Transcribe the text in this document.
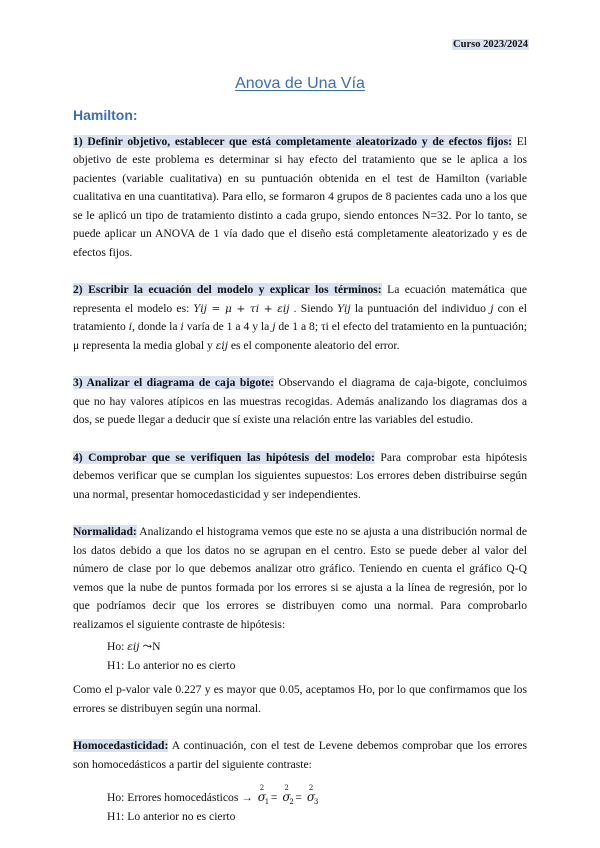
Curso 2023/2024
Anova de Una Vía
Hamilton:

1) Definir objetivo, establecer que está completamente aleatorizado y de efectos fijos: El objetivo de este problema es determinar si hay efecto del tratamiento que se le aplica a los pacientes (variable cualitativa) en su puntuación obtenida en el test de Hamilton (variable cualitativa en una cuantitativa). Para ello, se formaron 4 grupos de 8 pacientes cada uno a los que se le aplicó un tipo de tratamiento distinto a cada grupo, siendo entonces N=32. Por lo tanto, se puede aplicar un ANOVA de 1 vía dado que el diseño está completamente aleatorizado y es de efectos fijos.

2) Escribir la ecuación del modelo y explicar los términos: La ecuación matemática que representa el modelo es: Yij = μ + τi + εij . Siendo Yij la puntuación del individuo j con el tratamiento i, donde la i varía de 1 a 4 y la j de 1 a 8; τi el efecto del tratamiento en la puntuación; μ representa la media global y εij es el componente aleatorio del error.

3) Analizar el diagrama de caja bigote: Observando el diagrama de caja-bigote, concluimos que no hay valores atípicos en las muestras recogidas. Además analizando los diagramas dos a dos, se puede llegar a deducir que sí existe una relación entre las variables del estudio.

4) Comprobar que se verifiquen las hipótesis del modelo: Para comprobar esta hipótesis debemos verificar que se cumplan los siguientes supuestos: Los errores deben distribuirse según una normal, presentar homocedasticidad y ser independientes.

Normalidad: Analizando el histograma vemos que este no se ajusta a una distribución normal de los datos debido a que los datos no se agrupan en el centro. Esto se puede deber al valor del número de clase por lo que debemos analizar otro gráfico. Teniendo en cuenta el gráfico Q-Q vemos que la nube de puntos formada por los errores si se ajusta a la línea de regresión, por lo que podríamos decir que los errores se distribuyen como una normal. Para comprobarlo realizamos el siguiente contraste de hipótesis:

Ho: εij ⤳N
H1: Lo anterior no es cierto

Como el p-valor vale 0.227 y es mayor que 0.05, aceptamos Ho, por lo que confirmamos que los errores se distribuyen según una normal.

Homocedasticidad: A continuación, con el test de Levene debemos comprobar que los errores son homocedásticos a partir del siguiente contraste:

Ho: Errores homocedásticos → σ
2
1 = σ
2
2 = σ
2
3
H1: Lo anterior no es cierto
